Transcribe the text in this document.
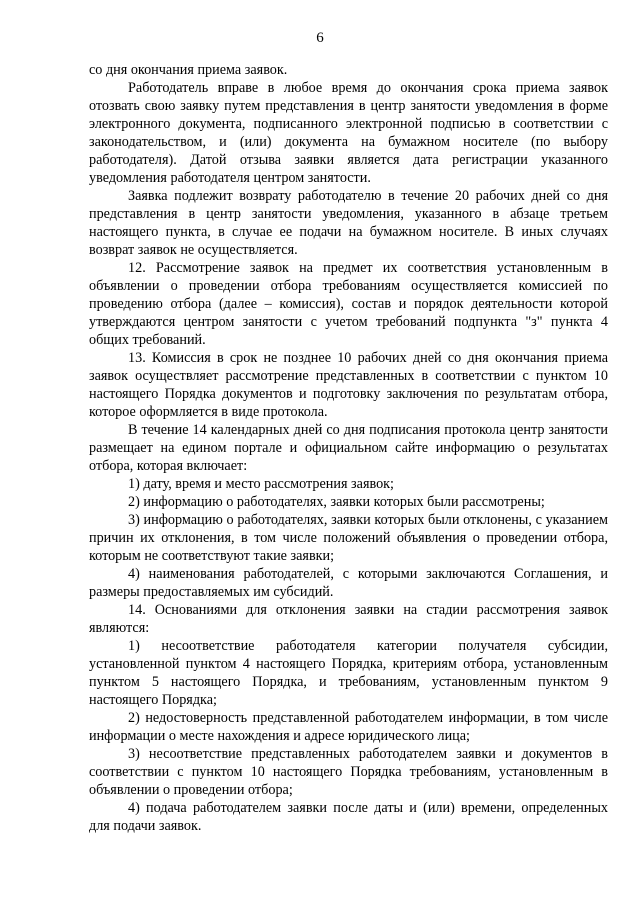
6

со дня окончания приема заявок.

Работодатель вправе в любое время до окончания срока приема заявок отозвать свою заявку путем представления в центр занятости уведомления в форме электронного документа, подписанного электронной подписью в соответствии с законодательством, и (или) документа на бумажном носителе (по выбору работодателя). Датой отзыва заявки является дата регистрации указанного уведомления работодателя центром занятости.

Заявка подлежит возврату работодателю в течение 20 рабочих дней со дня представления в центр занятости уведомления, указанного в абзаце третьем настоящего пункта, в случае ее подачи на бумажном носителе. В иных случаях возврат заявок не осуществляется.

12. Рассмотрение заявок на предмет их соответствия установленным в объявлении о проведении отбора требованиям осуществляется комиссией по проведению отбора (далее – комиссия), состав и порядок деятельности которой утверждаются центром занятости с учетом требований подпункта "з" пункта 4 общих требований.

13. Комиссия в срок не позднее 10 рабочих дней со дня окончания приема заявок осуществляет рассмотрение представленных в соответствии с пунктом 10 настоящего Порядка документов и подготовку заключения по результатам отбора, которое оформляется в виде протокола.

В течение 14 календарных дней со дня подписания протокола центр занятости размещает на едином портале и официальном сайте информацию о результатах отбора, которая включает:

1) дату, время и место рассмотрения заявок;

2) информацию о работодателях, заявки которых были рассмотрены;

3) информацию о работодателях, заявки которых были отклонены, с указанием причин их отклонения, в том числе положений объявления о проведении отбора, которым не соответствуют такие заявки;

4) наименования работодателей, с которыми заключаются Соглашения, и размеры предоставляемых им субсидий.

14. Основаниями для отклонения заявки на стадии рассмотрения заявок являются:

1) несоответствие работодателя категории получателя субсидии, установленной пунктом 4 настоящего Порядка, критериям отбора, установленным пунктом 5 настоящего Порядка, и требованиям, установленным пунктом 9 настоящего Порядка;

2) недостоверность представленной работодателем информации, в том числе информации о месте нахождения и адресе юридического лица;

3) несоответствие представленных работодателем заявки и документов в соответствии с пунктом 10 настоящего Порядка требованиям, установленным в объявлении о проведении отбора;

4) подача работодателем заявки после даты и (или) времени, определенных для подачи заявок.
